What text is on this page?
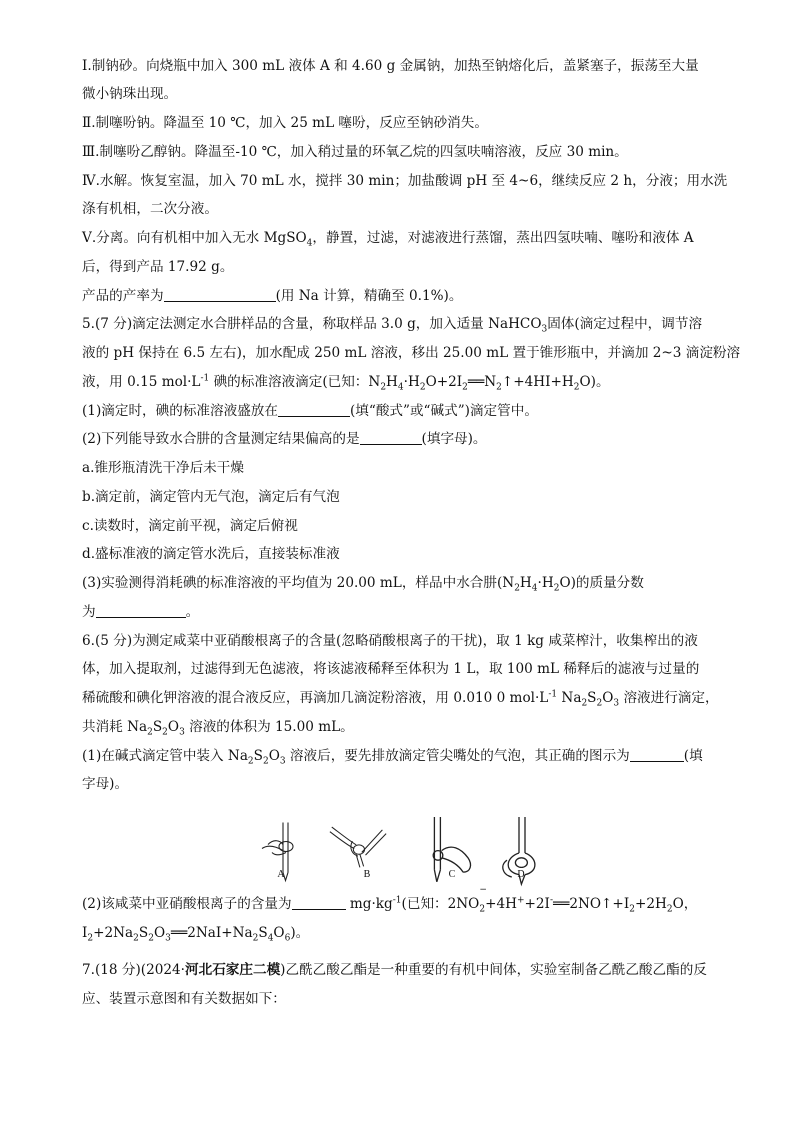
Ⅰ.制钠砂。向烧瓶中加入 300 mL 液体 A 和 4.60 g 金属钠，加热至钠熔化后，盖紧塞子，振荡至大量
微小钠珠出现。
Ⅱ.制噻吩钠。降温至 10 ℃，加入 25 mL 噻吩，反应至钠砂消失。
Ⅲ.制噻吩乙醇钠。降温至-10 ℃，加入稍过量的环氧乙烷的四氢呋喃溶液，反应 30 min。
Ⅳ.水解。恢复室温，加入 70 mL 水，搅拌 30 min；加盐酸调 pH 至 4~6，继续反应 2 h，分液；用水洗
涤有机相，二次分液。
Ⅴ.分离。向有机相中加入无水 MgSO$_4$，静置，过滤，对滤液进行蒸馏，蒸出四氢呋喃、噻吩和液体 A
后，得到产品 17.92 g。
产品的产率为	(用 Na 计算，精确至 0.1%)。
5.(7 分)滴定法测定水合肼样品的含量，称取样品 3.0 g，加入适量 NaHCO$_3$固体(滴定过程中，调节溶
液的 pH 保持在 6.5 左右)，加水配成 250 mL 溶液，移出 25.00 mL 置于锥形瓶中，并滴加 2~3 滴淀粉溶
液，用 0.15 $mol\cdot L^{-1}$ 碘的标准溶液滴定(已知：$N_2H_4\cdot H_2O+2I_2══N_2↑+4HI+H_2O$)。
(1)滴定时，碘的标准溶液盛放在	(填“酸式”或“碱式”)滴定管中。
(2)下列能导致水合肼的含量测定结果偏高的是	(填字母)。
a.锥形瓶清洗干净后未干燥
b.滴定前，滴定管内无气泡，滴定后有气泡
c.读数时，滴定前平视，滴定后俯视
d.盛标准液的滴定管水洗后，直接装标准液
(3)实验测得消耗碘的标准溶液的平均值为 20.00 mL，样品中水合肼$(N_2H_4\cdot H_2O)$的质量分数
为	。
6.(5 分)为测定咸菜中亚硝酸根离子的含量(忽略硝酸根离子的干扰)，取 1 kg 咸菜榨汁，收集榨出的液
体，加入提取剂，过滤得到无色滤液，将该滤液稀释至体积为 1 L，取 100 mL 稀释后的滤液与过量的
稀硫酸和碘化钾溶液的混合液反应，再滴加几滴淀粉溶液，用 0.010 0 $mol\cdot L^{-1}$ $Na_2S_2O_3$ 溶液进行滴定，
共消耗 $Na_2S_2O_3$ 溶液的体积为 15.00 mL。
(1)在碱式滴定管中装入 $Na_2S_2O_3$ 溶液后，要先排放滴定管尖嘴处的气泡，其正确的图示为	(填
字母)。
A	B	C	D
(2)该咸菜中亚硝酸根离子的含量为	$mg\cdot kg^{-1}$(已知：$2NO_2$
−
$+4H^++2I^-══2NO↑+I_2+2H_2O$，
$I_2+2Na_2S_2O_3══2NaI+Na_2S_4O_6$)。
7.(18 分)(2024·河北石家庄二模)乙酰乙酸乙酯是一种重要的有机中间体，实验室制备乙酰乙酸乙酯的反
应、装置示意图和有关数据如下：
